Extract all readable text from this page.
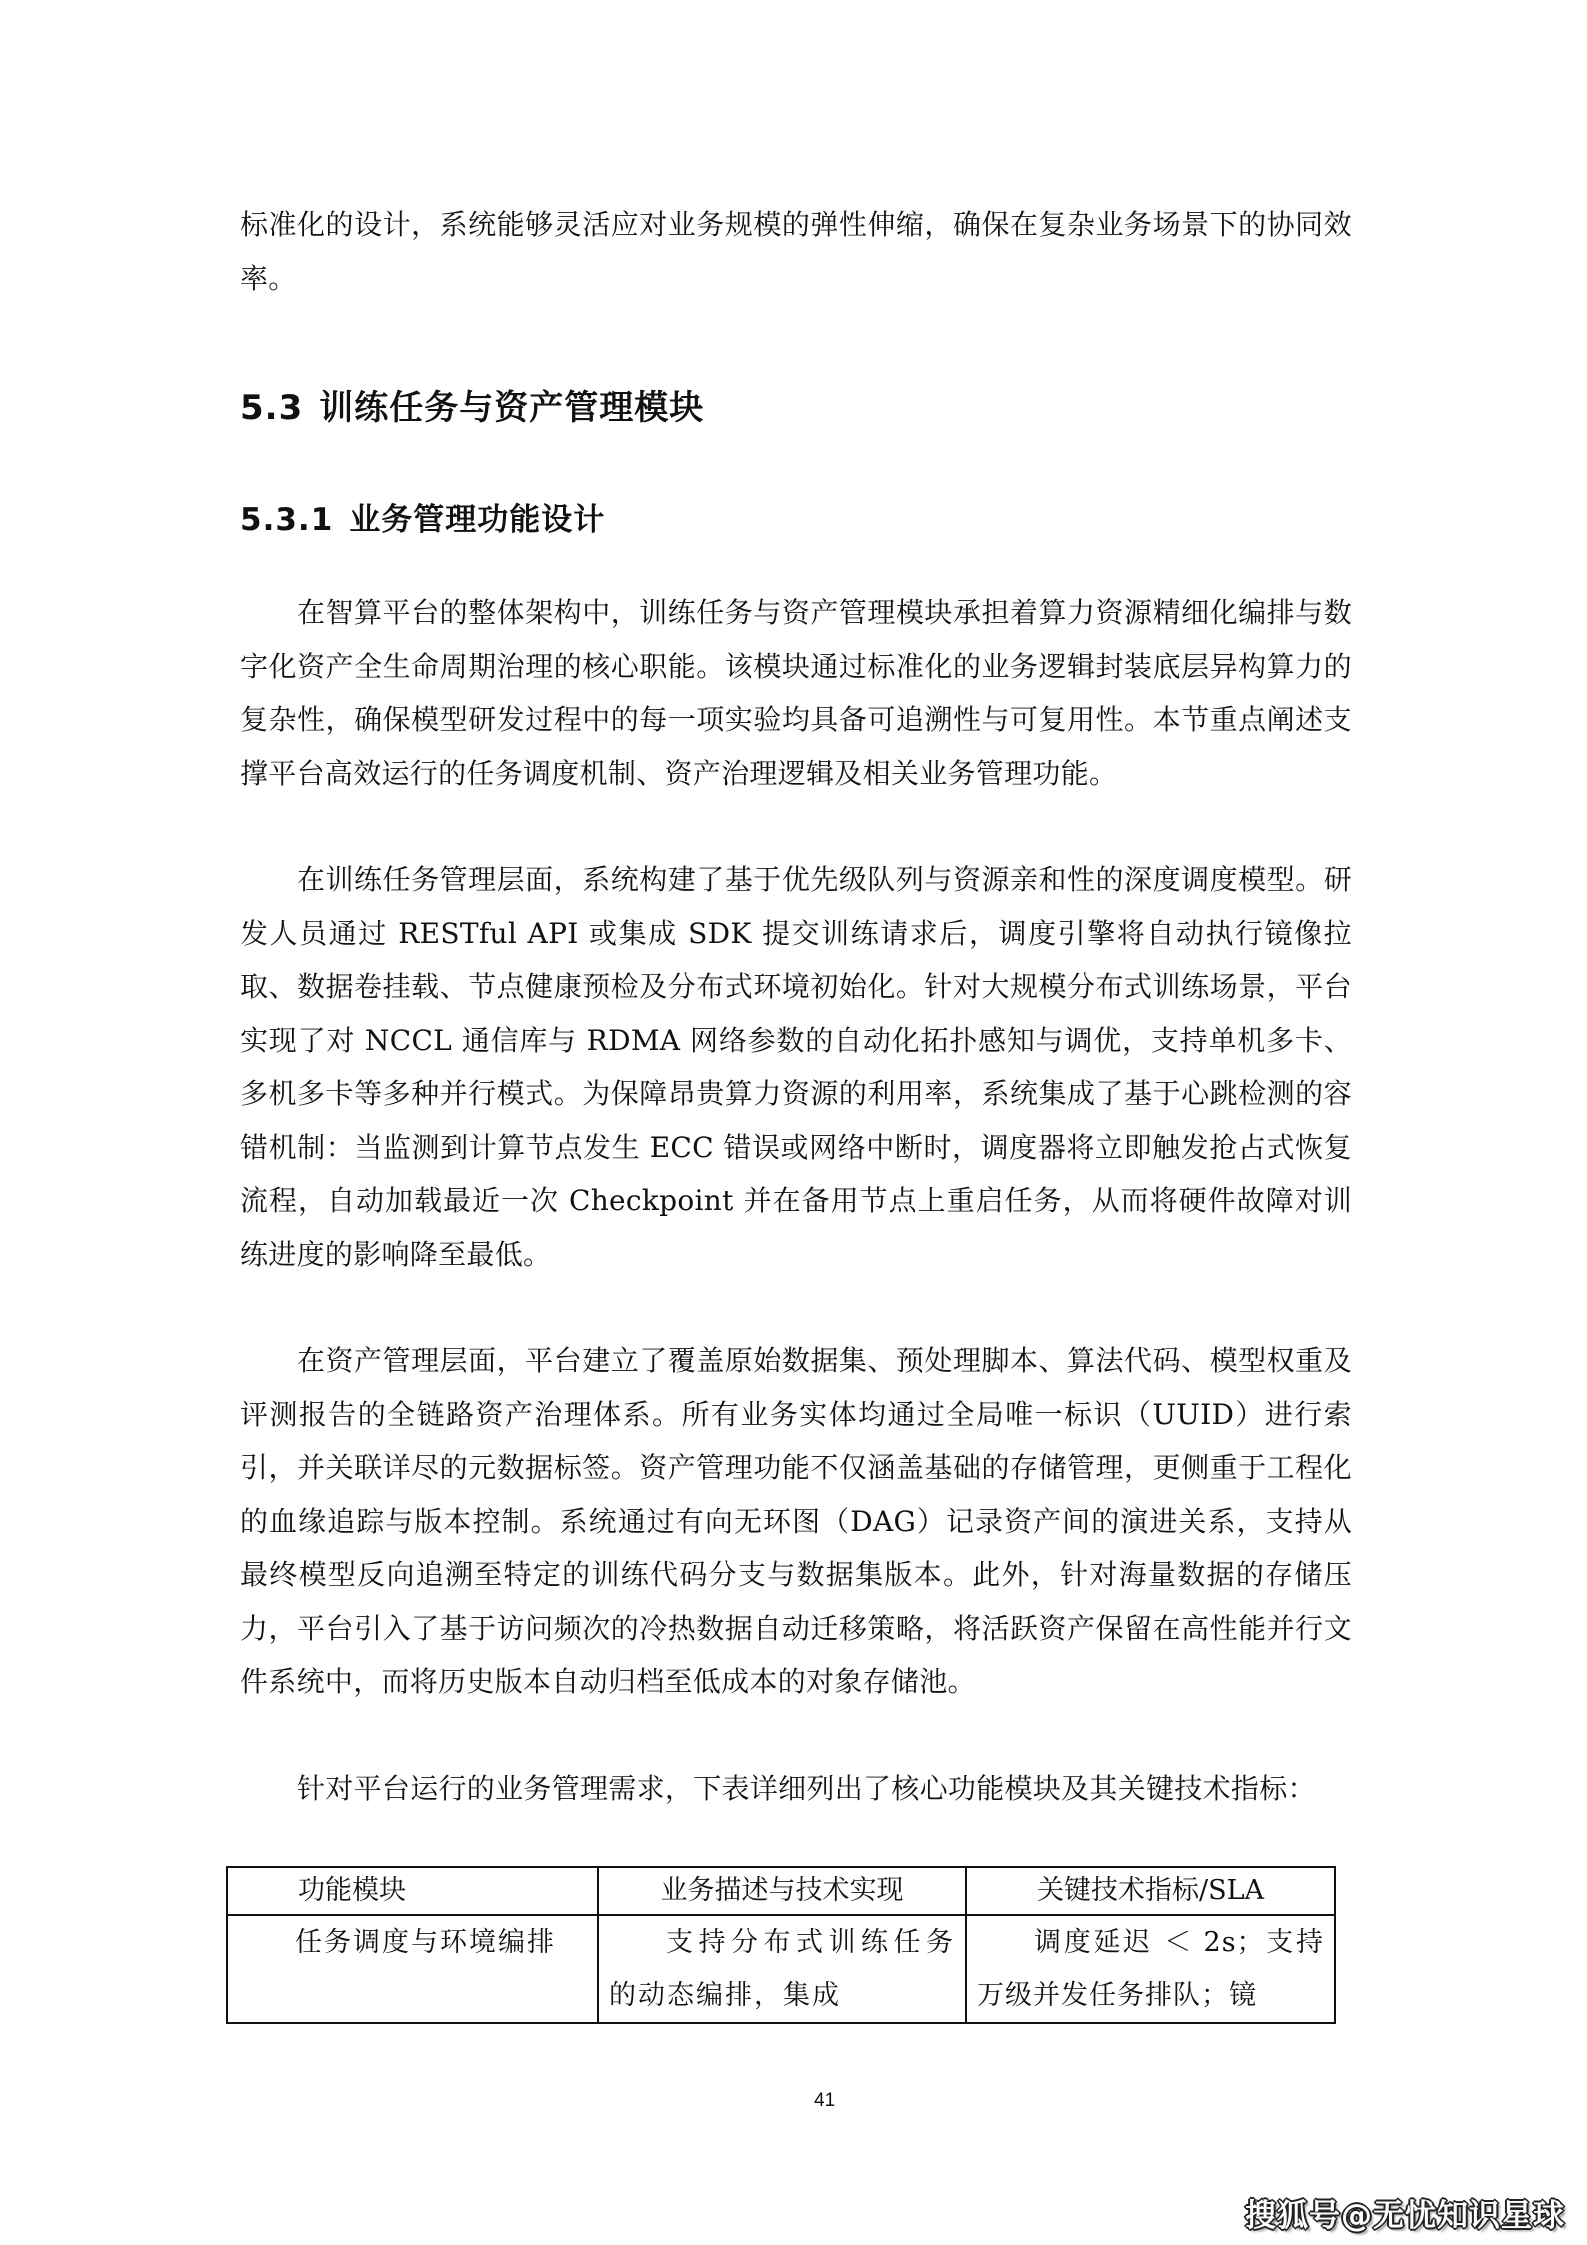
标准化的设计，系统能够灵活应对业务规模的弹性伸缩，确保在复杂业务场景下的协同效率。

5.3 训练任务与资产管理模块
5.3.1 业务管理功能设计

在智算平台的整体架构中，训练任务与资产管理模块承担着算力资源精细化编排与数字化资产全生命周期治理的核心职能。该模块通过标准化的业务逻辑封装底层异构算力的复杂性，确保模型研发过程中的每一项实验均具备可追溯性与可复用性。本节重点阐述支撑平台高效运行的任务调度机制、资产治理逻辑及相关业务管理功能。

在训练任务管理层面，系统构建了基于优先级队列与资源亲和性的深度调度模型。研发人员通过 RESTful API 或集成 SDK 提交训练请求后，调度引擎将自动执行镜像拉取、数据卷挂载、节点健康预检及分布式环境初始化。针对大规模分布式训练场景，平台实现了对 NCCL 通信库与 RDMA 网络参数的自动化拓扑感知与调优，支持单机多卡、多机多卡等多种并行模式。为保障昂贵算力资源的利用率，系统集成了基于心跳检测的容错机制：当监测到计算节点发生 ECC 错误或网络中断时，调度器将立即触发抢占式恢复流程，自动加载最近一次 Checkpoint 并在备用节点上重启任务，从而将硬件故障对训练进度的影响降至最低。

在资产管理层面，平台建立了覆盖原始数据集、预处理脚本、算法代码、模型权重及评测报告的全链路资产治理体系。所有业务实体均通过全局唯一标识（UUID）进行索引，并关联详尽的元数据标签。资产管理功能不仅涵盖基础的存储管理，更侧重于工程化的血缘追踪与版本控制。系统通过有向无环图（DAG）记录资产间的演进关系，支持从最终模型反向追溯至特定的训练代码分支与数据集版本。此外，针对海量数据的存储压力，平台引入了基于访问频次的冷热数据自动迁移策略，将活跃资产保留在高性能并行文件系统中，而将历史版本自动归档至低成本的对象存储池。

针对平台运行的业务管理需求，下表详细列出了核心功能模块及其关键技术指标：

功能模块	业务描述与技术实现	关键技术指标/SLA
任务调度与环境编排	支持分布式训练任务的动态编排，集成	调度延迟 ＜ 2s；支持万级并发任务排队；镜

41

搜狐号@无忧知识星球
